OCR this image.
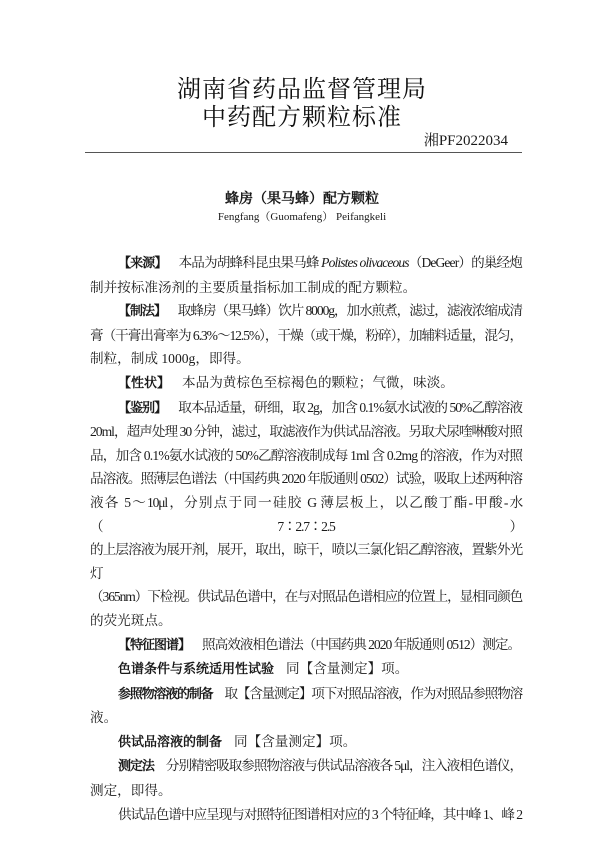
湖南省药品监督管理局
中药配方颗粒标准
湘PF2022034
蜂房（果马蜂）配方颗粒
Fengfang（Guomafeng） Peifangkeli
【来源】 本品为胡蜂科昆虫果马蜂 Polistes olivaceous（DeGeer）的巢经炮
制并按标准汤剂的主要质量指标加工制成的配方颗粒。
【制法】 取蜂房（果马蜂）饮片 8000g，加水煎煮，滤过，滤液浓缩成清
膏（干膏出膏率为 6.3%～12.5%），干燥（或干燥，粉碎），加辅料适量，混匀，
制粒，制成 1000g，即得。
【性状】 本品为黄棕色至棕褐色的颗粒；气微，味淡。
【鉴别】 取本品适量，研细，取 2g，加含 0.1%氨水试液的 50%乙醇溶液
20ml，超声处理 30 分钟，滤过，取滤液作为供试品溶液。另取犬尿喹啉酸对照
品，加含 0.1%氨水试液的 50%乙醇溶液制成每 1ml 含 0.2mg 的溶液，作为对照
品溶液。照薄层色谱法（中国药典 2020 年版通则 0502）试验，吸取上述两种溶
液各 5～10μl，分别点于同一硅胶 G 薄层板上，以乙酸丁酯-甲酸-水（7∶2.7∶2.5）
的上层溶液为展开剂，展开，取出，晾干，喷以三氯化铝乙醇溶液，置紫外光灯
（365nm）下检视。供试品色谱中，在与对照品色谱相应的位置上，显相同颜色
的荧光斑点。
【特征图谱】 照高效液相色谱法（中国药典 2020 年版通则 0512）测定。
色谱条件与系统适用性试验 同【含量测定】项。
参照物溶液的制备 取【含量测定】项下对照品溶液，作为对照品参照物溶
液。
供试品溶液的制备 同【含量测定】项。
测定法 分别精密吸取参照物溶液与供试品溶液各 5μl，注入液相色谱仪，
测定，即得。
供试品色谱中应呈现与对照特征图谱相对应的 3 个特征峰，其中峰 1、峰 2
